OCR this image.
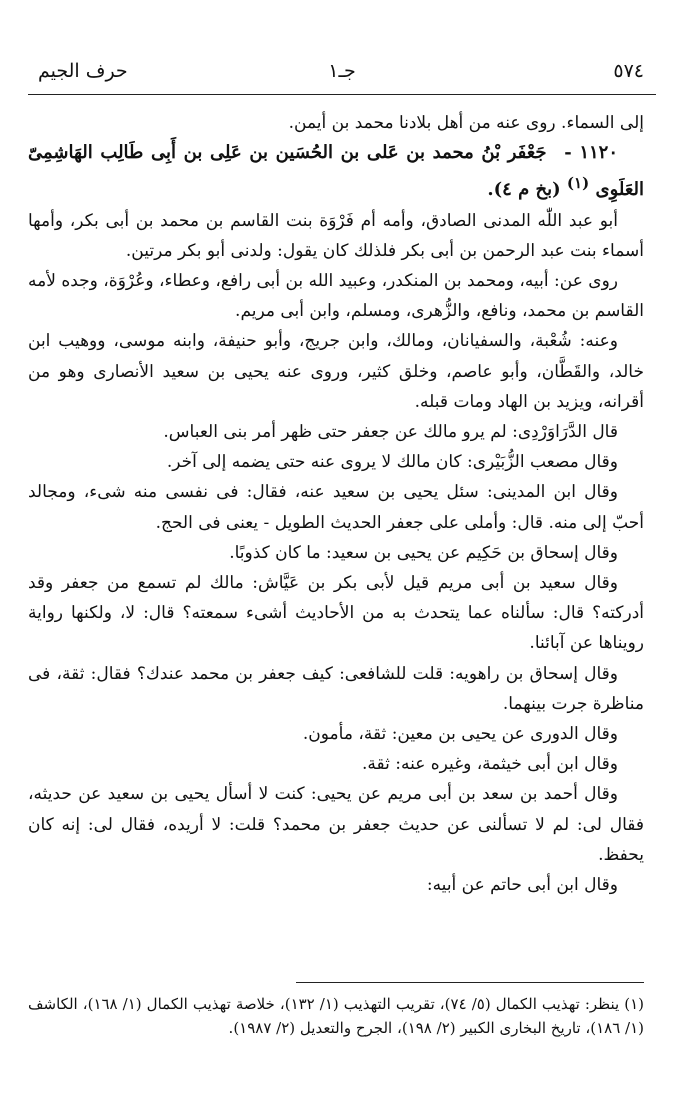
جـ١	٥٧٤
حرف الجيم

إلى السماء. روى عنه من أهل بلادنا محمد بن أيمن.

١١٢٠ - جَعْفَر بْنُ محمد بن عَلى بن الحُسَين بن عَلِى بن أَبِى طَالِب الهَاشِمِىّ العَلَوِى $^{(١)}$ (بخ م ٤).

أبو عبد اللّٰه المدنى الصادق، وأمه أم فَرْوَة بنت القاسم بن محمد بن أبى بكر، وأمها أسماء بنت عبد الرحمن بن أبى بكر فلذلك كان يقول: ولدنى أبو بكر مرتين.

روى عن: أبيه، ومحمد بن المنكدر، وعبيد الله بن أبى رافع، وعطاء، وعُرْوَة، وجده لأمه القاسم بن محمد، ونافع، والزُّهرى، ومسلم، وابن أبى مريم.

وعنه: شُعْبة، والسفيانان، ومالك، وابن جريج، وأبو حنيفة، وابنه موسى، ووهيب ابن خالد، والقَطَّان، وأبو عاصم، وخلق كثير، وروى عنه يحيى بن سعيد الأنصارى وهو من أقرانه، ويزيد بن الهاد ومات قبله.

قال الدَّرَاوَرْدِى: لم يرو مالك عن جعفر حتى ظهر أمر بنى العباس.

وقال مصعب الزُّبَيْرى: كان مالك لا يروى عنه حتى يضمه إلى آخر.

وقال ابن المدينى: سئل يحيى بن سعيد عنه، فقال: فى نفسى منه شىء، ومجالد أحبّ إلى منه. قال: وأملى على جعفر الحديث الطويل - يعنى فى الحج.

وقال إسحاق بن حَكِيم عن يحيى بن سعيد: ما كان كذوبًا.

وقال سعيد بن أبى مريم قيل لأبى بكر بن عَيَّاش: مالك لم تسمع من جعفر وقد أدركته؟ قال: سألناه عما يتحدث به من الأحاديث أشىء سمعته؟ قال: لا، ولكنها رواية رويناها عن آبائنا.

وقال إسحاق بن راهويه: قلت للشافعى: كيف جعفر بن محمد عندك؟ فقال: ثقة، فى مناظرة جرت بينهما.

وقال الدورى عن يحيى بن معين: ثقة، مأمون.

وقال ابن أبى خيثمة، وغيره عنه: ثقة.

وقال أحمد بن سعد بن أبى مريم عن يحيى: كنت لا أسأل يحيى بن سعيد عن حديثه، فقال لى: لم لا تسألنى عن حديث جعفر بن محمد؟ قلت: لا أريده، فقال لى: إنه كان يحفظ.

وقال ابن أبى حاتم عن أبيه:

(١) ينظر: تهذيب الكمال (٥/ ٧٤)، تقريب التهذيب (١/ ١٣٢)، خلاصة تهذيب الكمال (١/ ١٦٨)، الكاشف (١/ ١٨٦)، تاريخ البخارى الكبير (٢/ ١٩٨)، الجرح والتعديل (٢/ ١٩٨٧).
